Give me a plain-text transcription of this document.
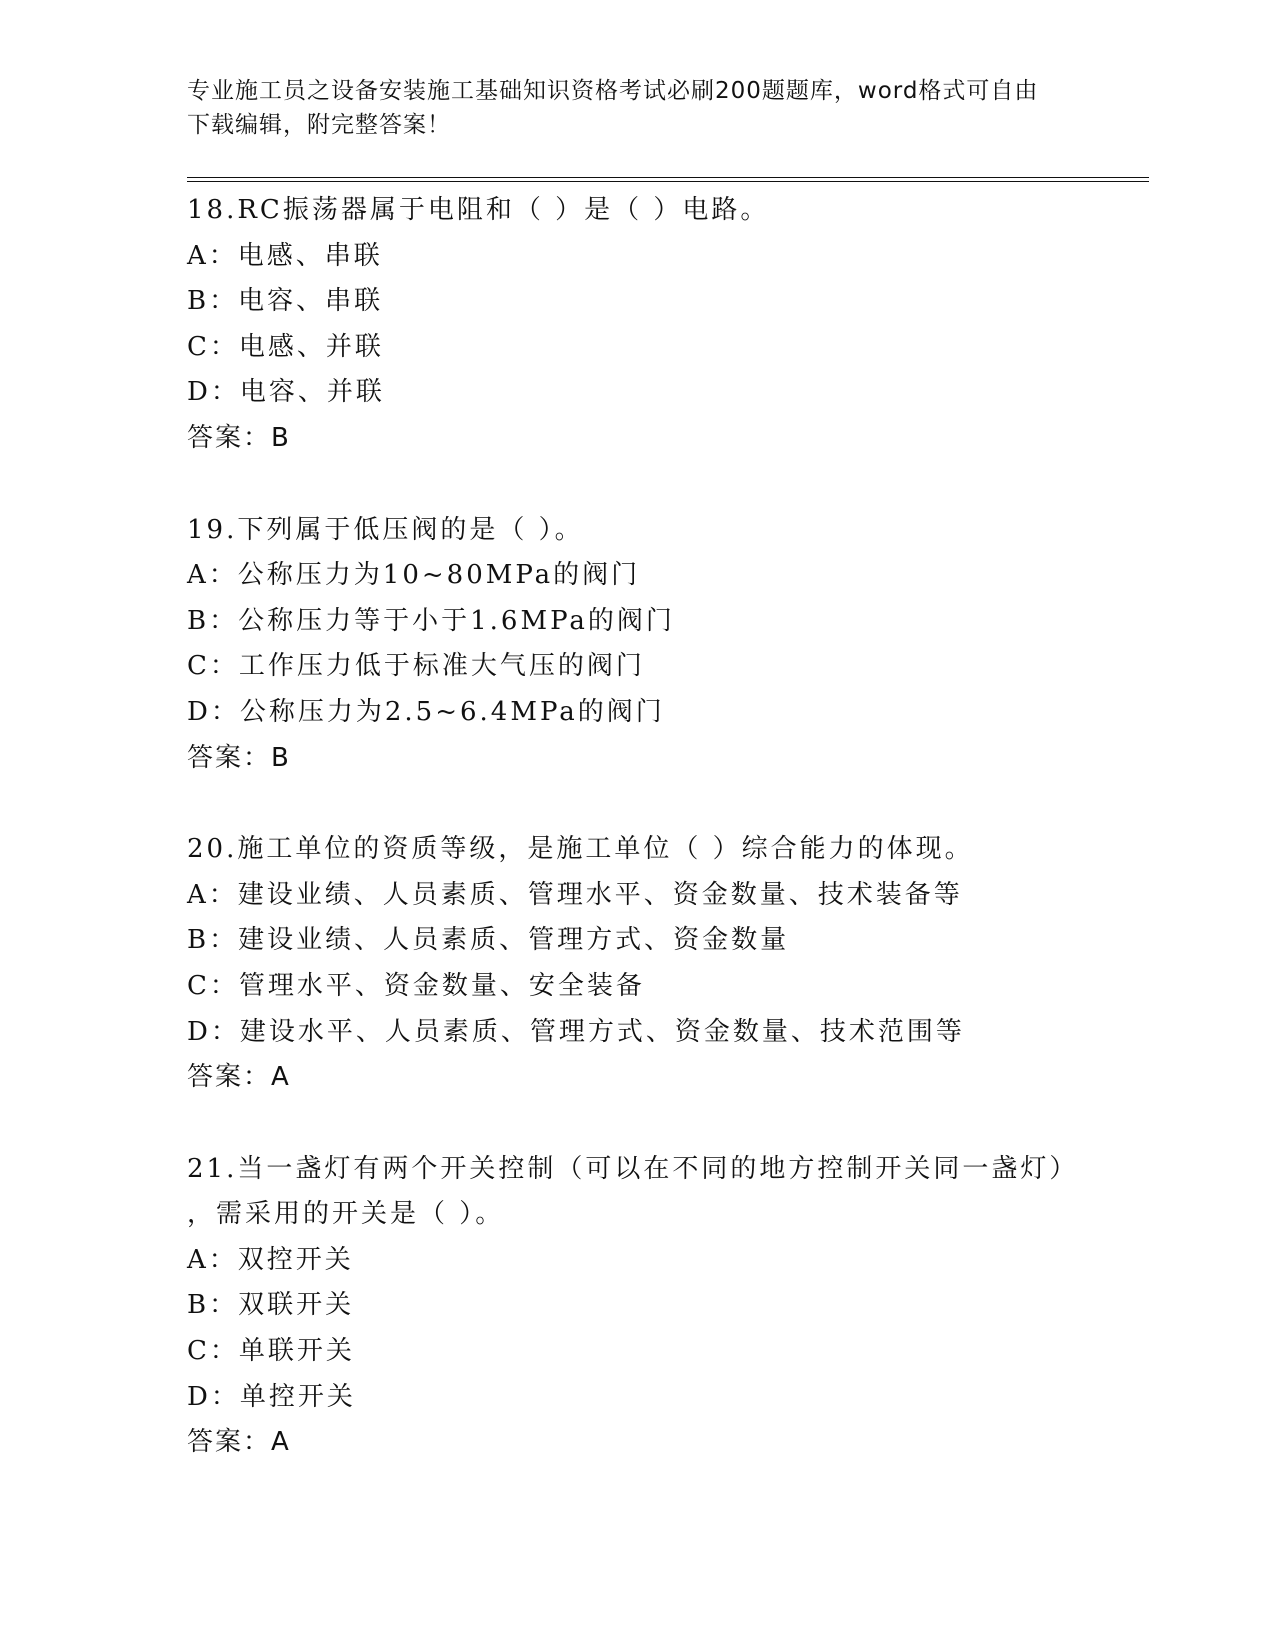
专业施工员之设备安装施工基础知识资格考试必刷200题题库，word格式可自由

下载编辑，附完整答案！

18.RC振荡器属于电阻和（ ）是（ ）电路。
A：电感、串联
B：电容、串联
C：电感、并联
D：电容、并联
答案：B
19.下列属于低压阀的是（ ）。
A：公称压力为10~80MPa的阀门
B：公称压力等于小于1.6MPa的阀门
C：工作压力低于标准大气压的阀门
D：公称压力为2.5~6.4MPa的阀门
答案：B
20.施工单位的资质等级，是施工单位（ ）综合能力的体现。
A：建设业绩、人员素质、管理水平、资金数量、技术装备等
B：建设业绩、人员素质、管理方式、资金数量
C：管理水平、资金数量、安全装备
D：建设水平、人员素质、管理方式、资金数量、技术范围等
答案：A
21.当一盏灯有两个开关控制（可以在不同的地方控制开关同一盏灯）
，需采用的开关是（ ）。
A：双控开关
B：双联开关
C：单联开关
D：单控开关
答案：A
